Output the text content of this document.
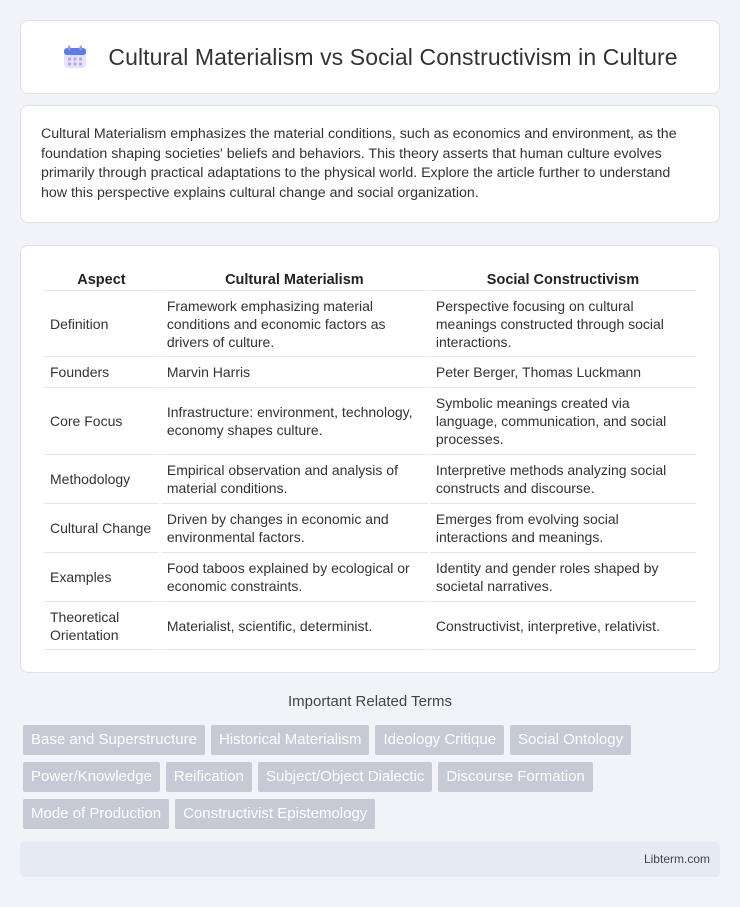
Cultural Materialism vs Social Constructivism in Culture

Cultural Materialism emphasizes the material conditions, such as economics and environment, as the foundation shaping societies' beliefs and behaviors. This theory asserts that human culture evolves primarily through practical adaptations to the physical world. Explore the article further to understand how this perspective explains cultural change and social organization.

Aspect	Cultural Materialism	Social Constructivism
Definition	Framework emphasizing material conditions and economic factors as drivers of culture.	Perspective focusing on cultural meanings constructed through social interactions.
Founders	Marvin Harris	Peter Berger, Thomas Luckmann
Core Focus	Infrastructure: environment, technology, economy shapes culture.	Symbolic meanings created via language, communication, and social processes.
Methodology	Empirical observation and analysis of material conditions.	Interpretive methods analyzing social constructs and discourse.
Cultural Change	Driven by changes in economic and environmental factors.	Emerges from evolving social interactions and meanings.
Examples	Food taboos explained by ecological or economic constraints.	Identity and gender roles shaped by societal narratives.
Theoretical Orientation	Materialist, scientific, determinist.	Constructivist, interpretive, relativist.
Important Related Terms
Base and Superstructure	Historical Materialism	Ideology Critique	Social Ontology
Power/Knowledge	Reification	Subject/Object Dialectic	Discourse Formation
Mode of Production	Constructivist Epistemology
Libterm.com
